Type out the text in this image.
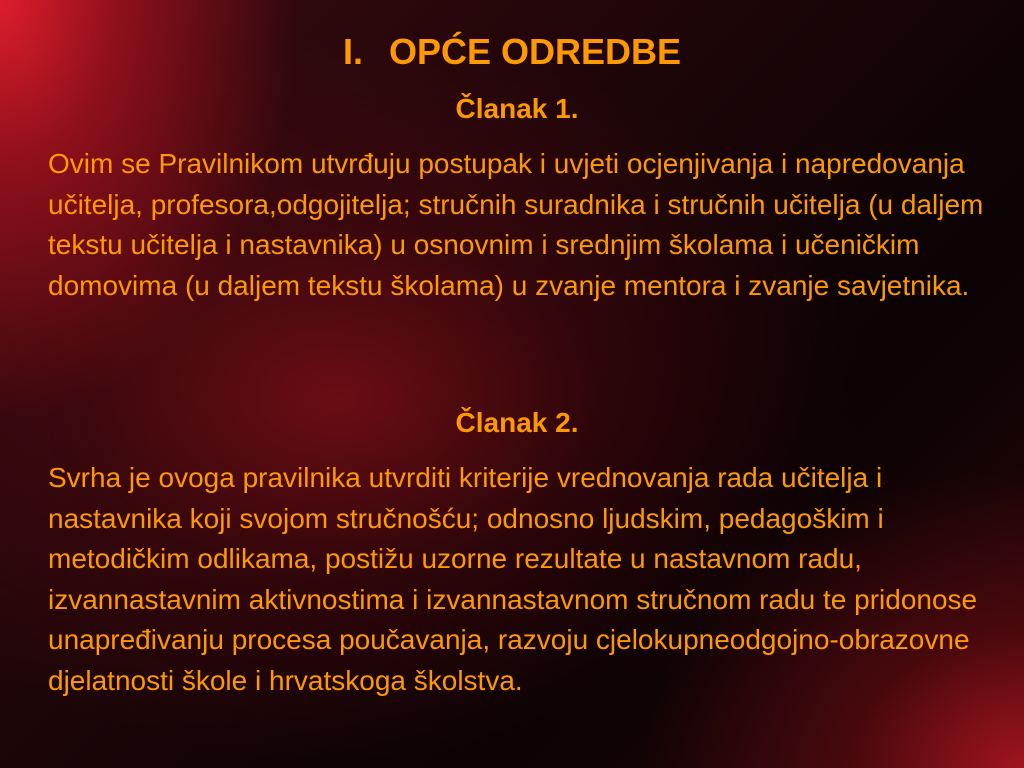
I. OPĆE ODREDBE
Članak 1.

Ovim se Pravilnikom utvrđuju postupak i uvjeti ocjenjivanja i napredovanja učitelja, profesora,odgojitelja; stručnih suradnika i stručnih učitelja (u daljem tekstu učitelja i nastavnika) u osnovnim i srednjim školama i učeničkim domovima (u daljem tekstu školama) u zvanje mentora i zvanje savjetnika.

Članak 2.

Svrha je ovoga pravilnika utvrditi kriterije vrednovanja rada učitelja i nastavnika koji svojom stručnošću; odnosno ljudskim, pedagoškim i metodičkim odlikama, postižu uzorne rezultate u nastavnom radu, izvannastavnim aktivnostima i izvannastavnom stručnom radu te pridonose unapređivanju procesa poučavanja, razvoju cjelokupneodgojno-obrazovne djelatnosti škole i hrvatskoga školstva.
